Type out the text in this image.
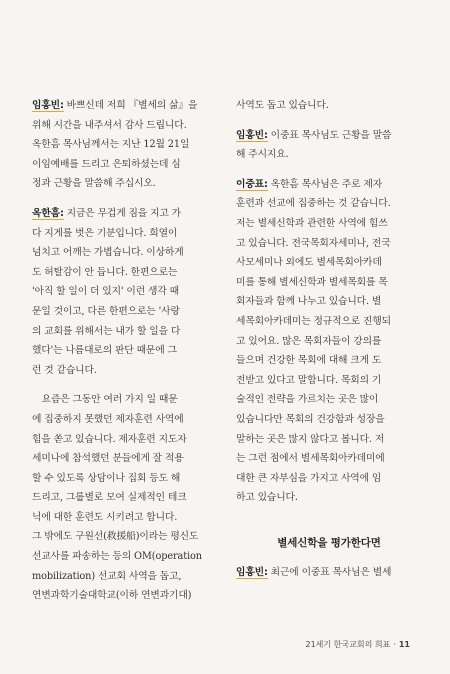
임홍빈: 바쁘신데 저희 『별세의 삶』을
위해 시간을 내주셔서 감사 드립니다.
옥한흠 목사님께서는 지난 12월 21일
이임예배를 드리고 은퇴하셨는데 심
정과 근황을 말씀해 주십시오.
옥한흠: 지금은 무겁게 짐을 지고 가
다 지게를 벗은 기분입니다. 희열이
넘치고 어깨는 가볍습니다. 이상하게
도 허탈감이 안 듭니다. 한편으로는
'아직 할 일이 더 있지' 이런 생각 때
문일 것이고, 다른 한편으로는 '사랑
의 교회를 위해서는 내가 할 일을 다
했다'는 나름대로의 판단 때문에 그
런 것 같습니다.
　요즘은 그동안 여러 가지 일 때문
에 집중하지 못했던 제자훈련 사역에
힘을 쏟고 있습니다. 제자훈련 지도자
세미나에 참석했던 분들에게 잘 적용
할 수 있도록 상담이나 집회 등도 해
드리고, 그룹별로 모여 실제적인 테크
닉에 대한 훈련도 시키려고 합니다.
그 밖에도 구원선(救援船)이라는 평신도
선교사를 파송하는 등의 OM(operation
mobilization) 선교회 사역을 돕고,
연변과학기술대학교(이하 연변과기대)
사역도 돕고 있습니다.
임홍빈: 이중표 목사님도 근황을 말씀
해 주시지요.
이중표: 옥한흠 목사님은 주로 제자
훈련과 선교에 집중하는 것 같습니다.
저는 별세신학과 관련한 사역에 힘쓰
고 있습니다. 전국목회자세미나, 전국
사모세미나 외에도 별세목회아카데
미를 통해 별세신학과 별세목회를 목
회자들과 함께 나누고 있습니다. 별
세목회아카데미는 정규적으로 진행되
고 있어요. 많은 목회자들이 강의를
들으며 건강한 목회에 대해 크게 도
전받고 있다고 말합니다. 목회의 기
술적인 전략을 가르치는 곳은 많이
있습니다만 목회의 건강함과 성장을
말하는 곳은 많지 않다고 봅니다. 저
는 그런 점에서 별세목회아카데미에
대한 큰 자부심을 가지고 사역에 임
하고 있습니다.
별세신학을 평가한다면
임홍빈: 최근에 이중표 목사님은 별세
21세기 한국교회의 희표 · 11
